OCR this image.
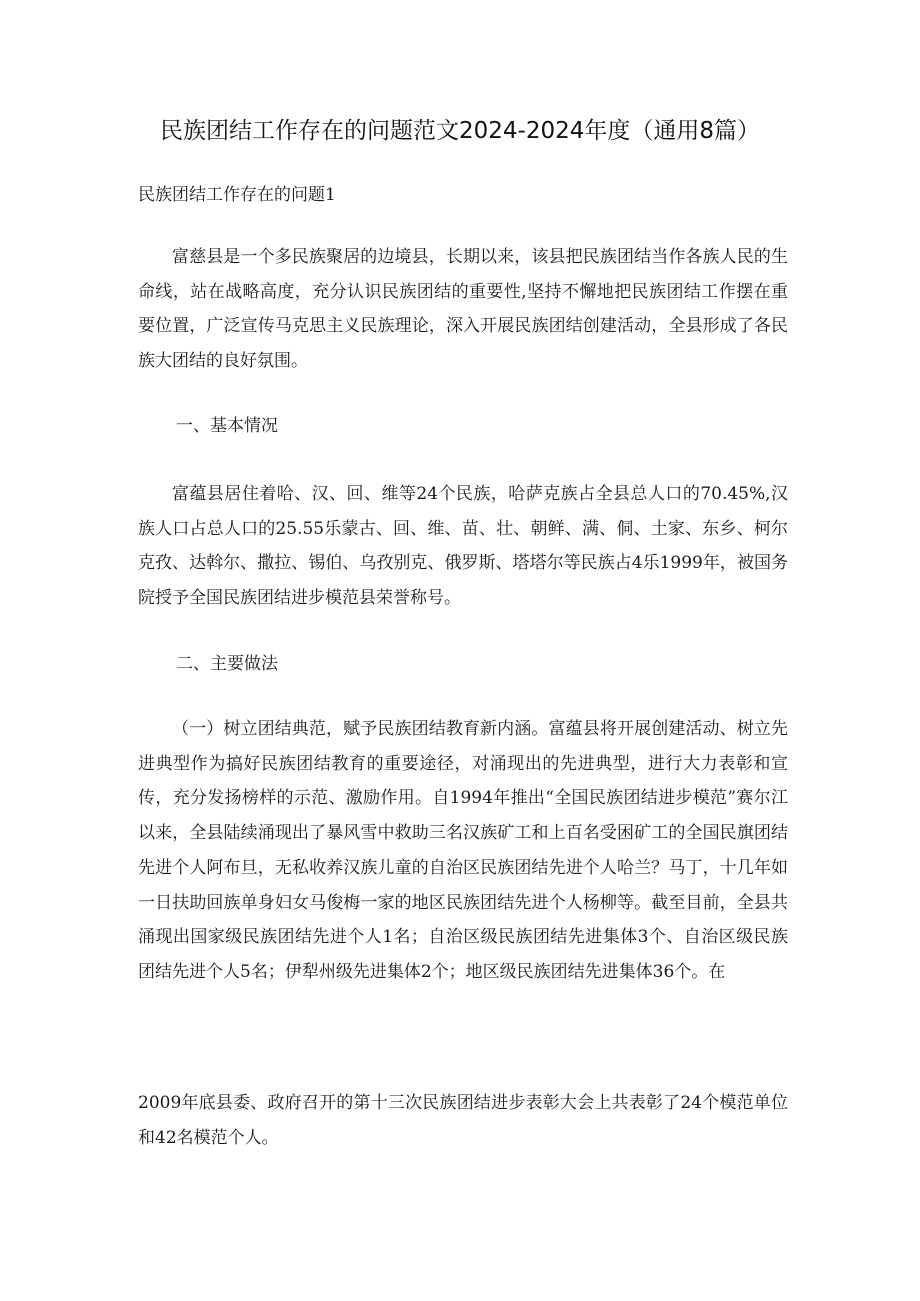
民族团结工作存在的问题范文2024-2024年度（通用8篇）

民族团结工作存在的问题1

富慈县是一个多民族聚居的边境县，长期以来，该县把民族团结当作各族人民的生命线，站在战略高度，充分认识民族团结的重要性,坚持不懈地把民族团结工作摆在重要位置，广泛宣传马克思主义民族理论，深入开展民族团结创建活动，全县形成了各民族大团结的良好氛围。

一、基本情况

富蕴县居住着哈、汉、回、维等24个民族，哈萨克族占全县总人口的70.45%,汉族人口占总人口的25.55乐蒙古、回、维、苗、壮、朝鲜、满、侗、土家、东乡、柯尔克孜、达斡尔、撒拉、锡伯、乌孜别克、俄罗斯、塔塔尔等民族占4乐1999年，被国务院授予全国民族团结进步模范县荣誉称号。

二、主要做法

（一）树立团结典范，赋予民族团结教育新内涵。富蕴县将开展创建活动、树立先进典型作为搞好民族团结教育的重要途径，对涌现出的先进典型，进行大力表彰和宣传，充分发扬榜样的示范、激励作用。自1994年推出“全国民族团结进步模范”赛尔江以来，全县陆续涌现出了暴风雪中救助三名汉族矿工和上百名受困矿工的全国民旗团结先进个人阿布旦，无私收养汉族儿童的自治区民族团结先进个人哈兰？马丁，十几年如一日扶助回族单身妇女马俊梅一家的地区民族团结先进个人杨柳等。截至目前，全县共涌现出国家级民族团结先进个人1名；自治区级民族团结先进集体3个、自治区级民族团结先进个人5名；伊犁州级先进集体2个；地区级民族团结先进集体36个。在

2009年底县委、政府召开的第十三次民族团结进步表彰大会上共表彰了24个模范单位和42名模范个人。
